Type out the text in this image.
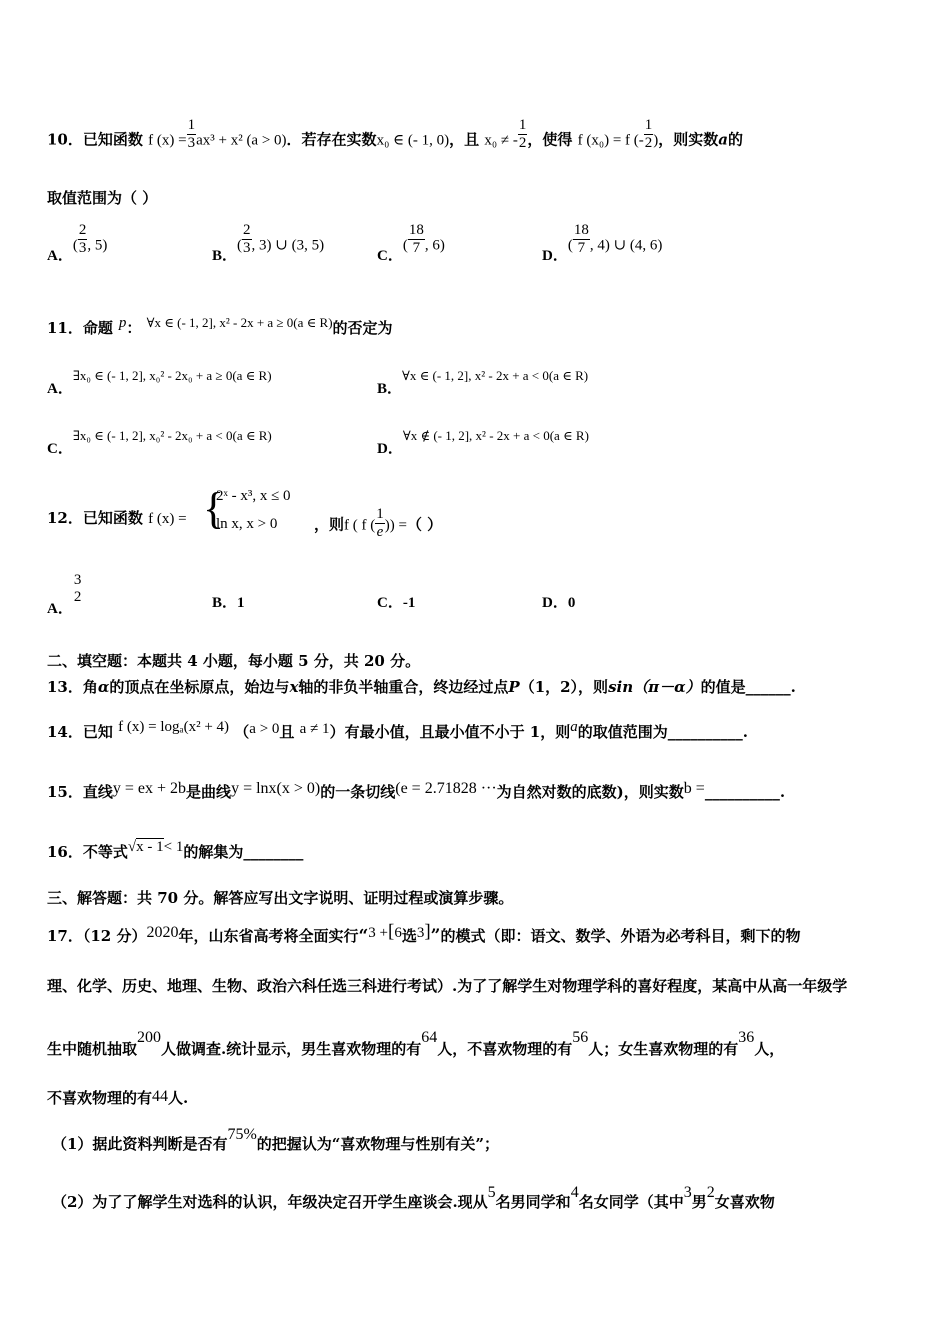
10．已知函数 f $(x) = \frac{1}{3} ax^3 + x^2$ (a > 0)．若存在实数x₀ ∈ (- 1, 0)，且 x₀ ≠ - $\frac{1}{2}$ ，使得 f (x₀) = f (- $\frac{1}{2}$ )，则实数a的
取值范围为（ ）
A．( $\frac{2}{3}$ , 5)
B．( $\frac{2}{3}$ , 3) ∪ (3, 5)
C．( $\frac{18}{7}$ , 6)
D．( $\frac{18}{7}$ , 4) ∪ (4, 6)
11．命题 p： ∀x ∈ (- 1, 2], x² - 2x + a ≥ 0(a ∈ R)的否定为
A．∃x₀ ∈ (- 1, 2], x₀² - 2x₀ + a ≥ 0(a ∈ R)
B．∀x ∈ (- 1, 2], x² - 2x + a < 0(a ∈ R)
C．∃x₀ ∈ (- 1, 2], x₀² - 2x₀ + a < 0(a ∈ R)
D．∀x ∉ (- 1, 2], x² - 2x + a < 0(a ∈ R)
12．已知函数 f (x) = {
2ˣ - x³, x ≤ 0
ln x, x > 0 ，则f ( f ( $\frac{1}{e}$ )) =（ ）
A．
3
2	B．1	C．-1	D．0
二、填空题：本题共 4 小题，每小题 5 分，共 20 分。
13．角α的顶点在坐标原点，始边与x轴的非负半轴重合，终边经过点P（1，2），则sin（π－α）的值是______.
14．已知 f (x) = logₐ(x² + 4) （a > 0且 a ≠ 1）有最小值，且最小值不小于 1，则a的取值范围为__________.
15．直线y = ex + 2b是曲线y = lnx(x > 0)的一条切线(e = 2.71828 ···为自然对数的底数)，则实数b =__________.
16．不等式√x - 1< 1的解集为________
三、解答题：共 70 分。解答应写出文字说明、证明过程或演算步骤。
17．（12 分）2020年，山东省高考将全面实行“3 +[6选3]”的模式（即：语文、数学、外语为必考科目，剩下的物
理、化学、历史、地理、生物、政治六科任选三科进行考试）.为了了解学生对物理学科的喜好程度，某高中从高一年级学
生中随机抽取200人做调查.统计显示，男生喜欢物理的有64人，不喜欢物理的有56人；女生喜欢物理的有36人，
不喜欢物理的有44人.
（1）据此资料判断是否有75%的把握认为“喜欢物理与性别有关”；
（2）为了了解学生对选科的认识，年级决定召开学生座谈会.现从5名男同学和4名女同学（其中3男2女喜欢物
